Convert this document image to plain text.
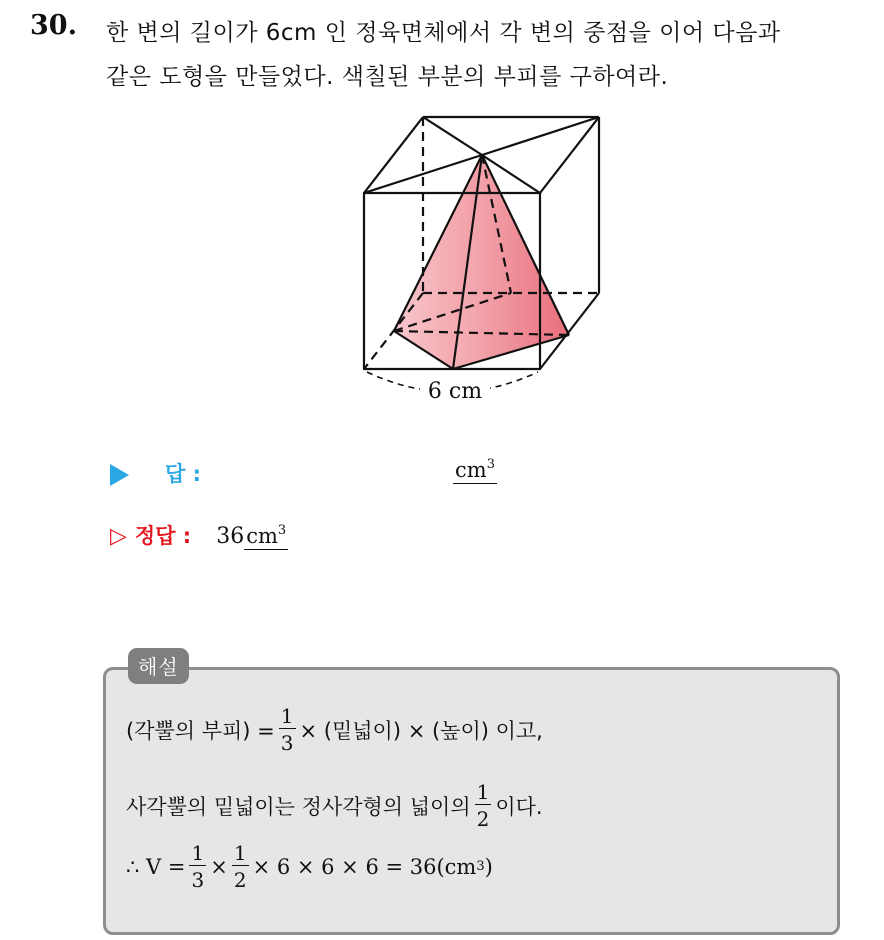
30. 한 변의 길이가 6cm 인 정육면체에서 각 변의 중점을 이어 다음과
같은 도형을 만들었다. 색칠된 부분의 부피를 구하여라.
6 cm
답 :	$cm^3$
▷ 정답 : $36cm^3$
해설
(각뿔의 부피) = $\frac{1}{3}$ × (밑넓이) × (높이) 이고,
사각뿔의 밑넓이는 정사각형의 넓이의 $\frac{1}{2}$ 이다.
∴ $V = \frac{1}{3} \times \frac{1}{2} \times 6 \times 6 \times 6 = 36(cm$ 3 )
